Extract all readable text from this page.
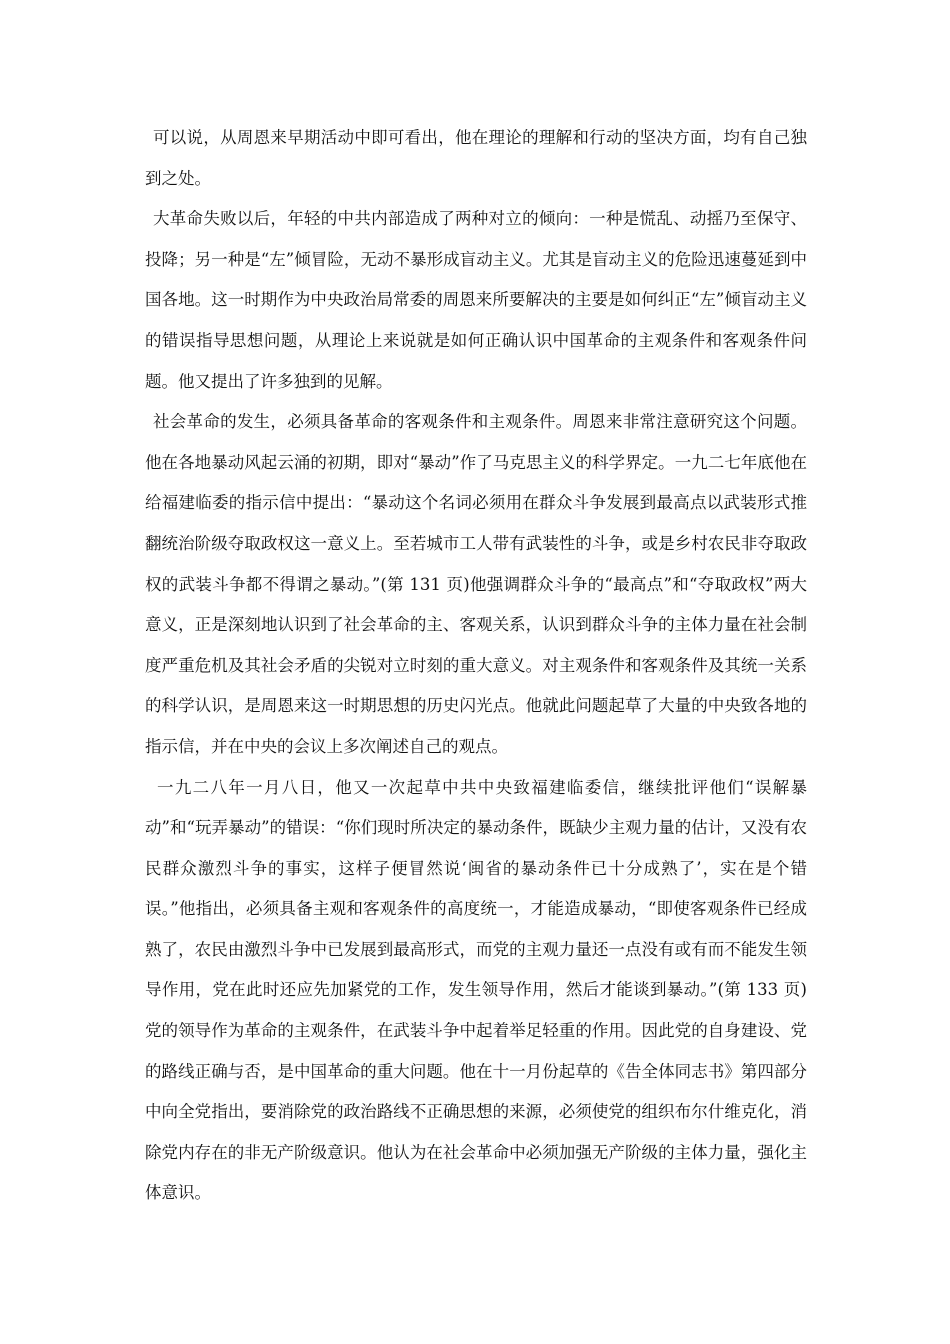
可以说，从周恩来早期活动中即可看出，他在理论的理解和行动的坚决方面，均有自己独到之处。

大革命失败以后，年轻的中共内部造成了两种对立的倾向：一种是慌乱、动摇乃至保守、投降；另一种是“左”倾冒险，无动不暴形成盲动主义。尤其是盲动主义的危险迅速蔓延到中国各地。这一时期作为中央政治局常委的周恩来所要解决的主要是如何纠正“左”倾盲动主义的错误指导思想问题，从理论上来说就是如何正确认识中国革命的主观条件和客观条件问题。他又提出了许多独到的见解。

社会革命的发生，必须具备革命的客观条件和主观条件。周恩来非常注意研究这个问题。他在各地暴动风起云涌的初期，即对“暴动”作了马克思主义的科学界定。一九二七年底他在给福建临委的指示信中提出：“暴动这个名词必须用在群众斗争发展到最高点以武装形式推翻统治阶级夺取政权这一意义上。至若城市工人带有武装性的斗争，或是乡村农民非夺取政权的武装斗争都不得谓之暴动。”(第 131 页)他强调群众斗争的“最高点”和“夺取政权”两大意义，正是深刻地认识到了社会革命的主、客观关系，认识到群众斗争的主体力量在社会制度严重危机及其社会矛盾的尖锐对立时刻的重大意义。对主观条件和客观条件及其统一关系的科学认识，是周恩来这一时期思想的历史闪光点。他就此问题起草了大量的中央致各地的指示信，并在中央的会议上多次阐述自己的观点。

一九二八年一月八日，他又一次起草中共中央致福建临委信，继续批评他们“误解暴动”和“玩弄暴动”的错误：“你们现时所决定的暴动条件，既缺少主观力量的估计，又没有农民群众激烈斗争的事实，这样子便冒然说‘闽省的暴动条件已十分成熟了’，实在是个错误。”他指出，必须具备主观和客观条件的高度统一，才能造成暴动，“即使客观条件已经成熟了，农民由激烈斗争中已发展到最高形式，而党的主观力量还一点没有或有而不能发生领导作用，党在此时还应先加紧党的工作，发生领导作用，然后才能谈到暴动。”(第 133 页)党的领导作为革命的主观条件，在武装斗争中起着举足轻重的作用。因此党的自身建设、党的路线正确与否，是中国革命的重大问题。他在十一月份起草的《告全体同志书》第四部分中向全党指出，要消除党的政治路线不正确思想的来源，必须使党的组织布尔什维克化，消除党内存在的非无产阶级意识。他认为在社会革命中必须加强无产阶级的主体力量，强化主体意识。
